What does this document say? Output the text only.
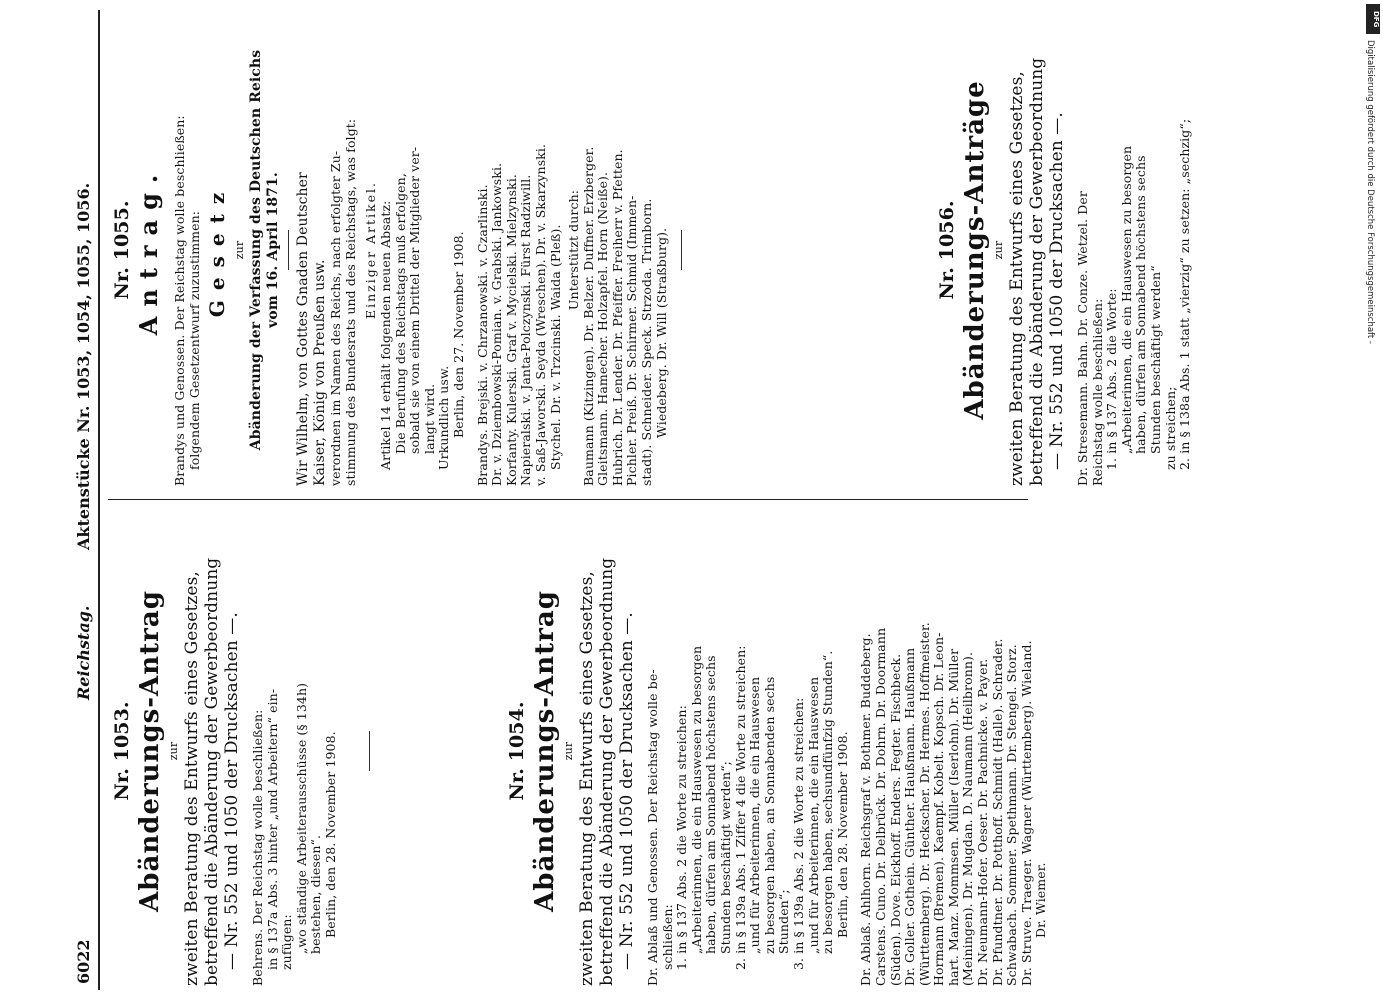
6022
Reichstag.
Aktenstücke Nr. 1053, 1054, 1055, 1056.
Nr. 1053. Abänderungs-Antrag zur zweiten Beratung des Entwurfs eines Gesetzes, betreffend die Abänderung der Gewerbeordnung — Nr. 552 und 1050 der Drucksachen —. Behrens. Der Reichstag wolle beschließen: in § 137a Abs. 3 hinter „und Arbeitern“ ein- zufügen: „wo ständige Arbeiterausschüsse (§ 134h) bestehen, diesen“. Berlin, den 28. November 1908.	Nr. 1054. Abänderungs-Antrag zur zweiten Beratung des Entwurfs eines Gesetzes, betreffend die Abänderung der Gewerbeordnung — Nr. 552 und 1050 der Drucksachen —. Dr. Ablaß und Genossen. Der Reichstag wolle be- schließen: 1. in § 137 Abs. 2 die Worte zu streichen: „Arbeiterinnen, die ein Hauswesen zu besorgen haben, dürfen am Sonnabend höchstens sechs Stunden beschäftigt werden“; 2. in § 139a Abs. 1 Ziffer 4 die Worte zu streichen: „und für Arbeiterinnen, die ein Hauswesen zu besorgen haben, an Sonnabenden sechs Stunden“; 3. in § 139a Abs. 2 die Worte zu streichen: „und für Arbeiterinnen, die ein Hauswesen zu besorgen haben, sechsundfünfzig Stunden“. Berlin, den 28. November 1908. Dr. Ablaß. Ahlhorn. Reichsgraf v. Bothmer. Buddeberg. Carstens. Cuno. Dr. Delbrück. Dr. Dohrn. Dr. Doormann (Süden). Dove. Eickhoff. Enders. Fegter. Fischbeck. Dr. Goller. Gothein. Günther. Haußmann. Haußmann (Württemberg). Dr. Heckscher. Dr. Hermes. Hoffmeister. Hormann (Bremen). Kaempf. Kobelt. Kopsch. Dr. Leon- hart. Manz. Mommsen. Müller (Iserlohn). Dr. Müller (Meiningen). Dr. Mugdan. D. Naumann (Heilbronn). Dr. Neumann-Hofer. Oeser. Dr. Pachnicke. v. Payer. Dr. Pfundtner. Dr. Potthoff. Schmidt (Halle). Schrader. Schwabach. Sommer. Spethmann. Dr. Stengel. Storz. Dr. Struve. Traeger. Wagner (Württemberg). Wieland. Dr. Wiemer.
Nr. 1055. Antrag. Brandys und Genossen. Der Reichstag wolle beschließen: folgendem Gesetzentwurf zuzustimmen: Gesetz zur Abänderung der Verfassung des Deutschen Reichs vom 16. April 1871. Wir Wilhelm, von Gottes Gnaden Deutscher Kaiser, König von Preußen usw. verordnen im Namen des Reichs, nach erfolgter Zu- stimmung des Bundesrats und des Reichstags, was folgt: Einziger Artikel. Artikel 14 erhält folgenden neuen Absatz: Die Berufung des Reichstags muß erfolgen, sobald sie von einem Drittel der Mitglieder ver- langt wird. Urkundlich usw. Berlin, den 27. November 1908. Brandys. Brejski. v. Chrzanowski. v. Czarlinski. Dr. v. Dziembowski-Pomian. v. Grabski. Jankowski. Korfanty. Kulerski. Graf v. Mycielski. Mielzynski. Napieralski. v. Janta-Polczynski. Fürst Radziwill. v. Saß-Jaworski. Seyda (Wreschen). Dr. v. Skarzynski. Stychel. Dr. v. Trzcinski. Waida (Pleß). Unterstützt durch: Baumann (Kitzingen). Dr. Belzer. Duffner. Erzberger. Gleitsmann. Hamecher. Holzapfel. Horn (Neiße). Hubrich. Dr. Lender. Dr. Pfeiffer. Freiherr v. Pfetten. Pichler. Preiß. Dr. Schirmer. Schmid (Immen- stadt). Schneider. Speck. Strzoda. Trimborn. Wiedeberg. Dr. Will (Straßburg).	Nr. 1056. Abänderungs-Anträge zur zweiten Beratung des Entwurfs eines Gesetzes, betreffend die Abänderung der Gewerbeordnung — Nr. 552 und 1050 der Drucksachen —. Dr. Stresemann. Bahn. Dr. Conze. Wetzel. Der Reichstag wolle beschließen: 1. in § 137 Abs. 2 die Worte: „Arbeiterinnen, die ein Hauswesen zu besorgen haben, dürfen am Sonnabend höchstens sechs Stunden beschäftigt werden“ zu streichen; 2. in § 138a Abs. 1 statt „vierzig“ zu setzen: „sechzig“;	Digitalisierung gefördert durch die Deutsche Forschungsgemeinschaft -
DFG
